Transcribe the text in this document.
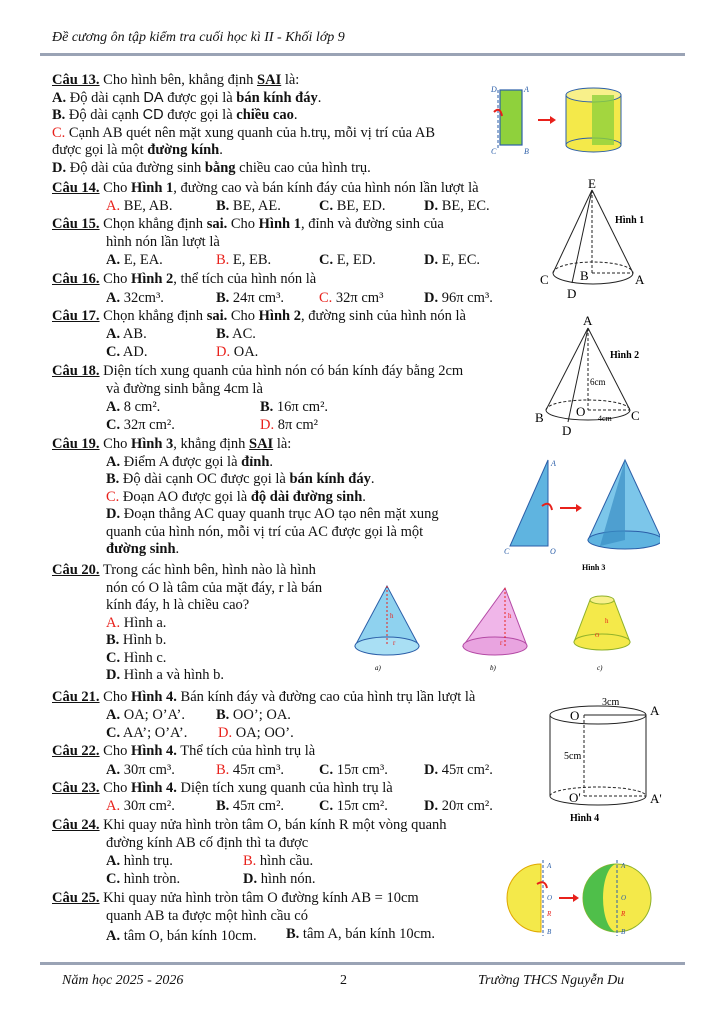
Đề cương ôn tập kiểm tra cuối học kì II - Khối lớp 9
Câu 13. Cho hình bên, khẳng định SAI là:
A. Độ dài cạnh DA được gọi là bán kính đáy.
B. Độ dài cạnh CD được gọi là chiều cao.
C. Cạnh AB quét nên mặt xung quanh của h.trụ, mỗi vị trí của AB
được gọi là một đường kính.
D. Độ dài của đường sinh bằng chiều cao của hình trụ.
Câu 14. Cho Hình 1, đường cao và bán kính đáy của hình nón lần lượt là
A. BE, AB.	B. BE, AE.	C. BE, ED.	D. BE, EC.
Câu 15. Chọn khẳng định sai. Cho Hình 1, đỉnh và đường sinh của
hình nón lần lượt là
A. E, EA.	B. E, EB.	C. E, ED.	D. E, EC.
Câu 16. Cho Hình 2, thể tích của hình nón là
A. 32cm³.	B. 24π cm³. C. 32π cm³	D. 96π cm³.
Câu 17. Chọn khẳng định sai. Cho Hình 2, đường sinh của hình nón là
A. AB.	B. AC.
C. AD.	D. OA.
Câu 18. Diện tích xung quanh của hình nón có bán kính đáy bằng 2cm
và đường sinh bằng 4cm là
A. 8 cm².	B. 16π cm².
C. 32π cm².	D. 8π cm²
Câu 19. Cho Hình 3, khẳng định SAI là:
A. Điểm A được gọi là đỉnh.
B. Độ dài cạnh OC được gọi là bán kính đáy.
C. Đoạn AO được gọi là độ dài đường sinh.
D. Đoạn thẳng AC quay quanh trục AO tạo nên mặt xung
quanh của hình nón, mỗi vị trí của AC được gọi là một
đường sinh.
Câu 20. Trong các hình bên, hình nào là hình
nón có O là tâm của mặt đáy, r là bán
kính đáy, h là chiều cao?
A. Hình a.
B. Hình b.
C. Hình c.
D. Hình a và hình b.
Câu 21. Cho Hình 4. Bán kính đáy và đường cao của hình trụ lần lượt là
A. OA; O’A’. B. OO’; OA.
C. AA’; O’A’. D. OA; OO’.
Câu 22. Cho Hình 4. Thể tích của hình trụ là
A. 30π cm³.	B. 45π cm³. C. 15π cm³. D. 45π cm².
Câu 23. Cho Hình 4. Diện tích xung quanh của hình trụ là
A. 30π cm².	B. 45π cm². C. 15π cm². D. 20π cm².
Câu 24. Khi quay nửa hình tròn tâm O, bán kính R một vòng quanh
đường kính AB cố định thì ta được
A. hình trụ.	B. hình cầu.
C. hình tròn.	D. hình nón.
Câu 25. Khi quay nửa hình tròn tâm O đường kính AB = 10cm
quanh AB ta được một hình cầu có
A. tâm O, bán kính 10cm. B. tâm A, bán kính 10cm.
D	A
C	B
E
C B	A
D
Hình 1
A
B O	C
D
6cm
4cm
Hình 2
A
C	O
Hình 3
h
r
a)
h
r
b)
h
O
c)
3cm
O	A
5cm
O'	A'
Hình 4
A
O
R
B
A
O
R
B
Năm học 2025 - 2026	2	Trường THCS Nguyễn Du
